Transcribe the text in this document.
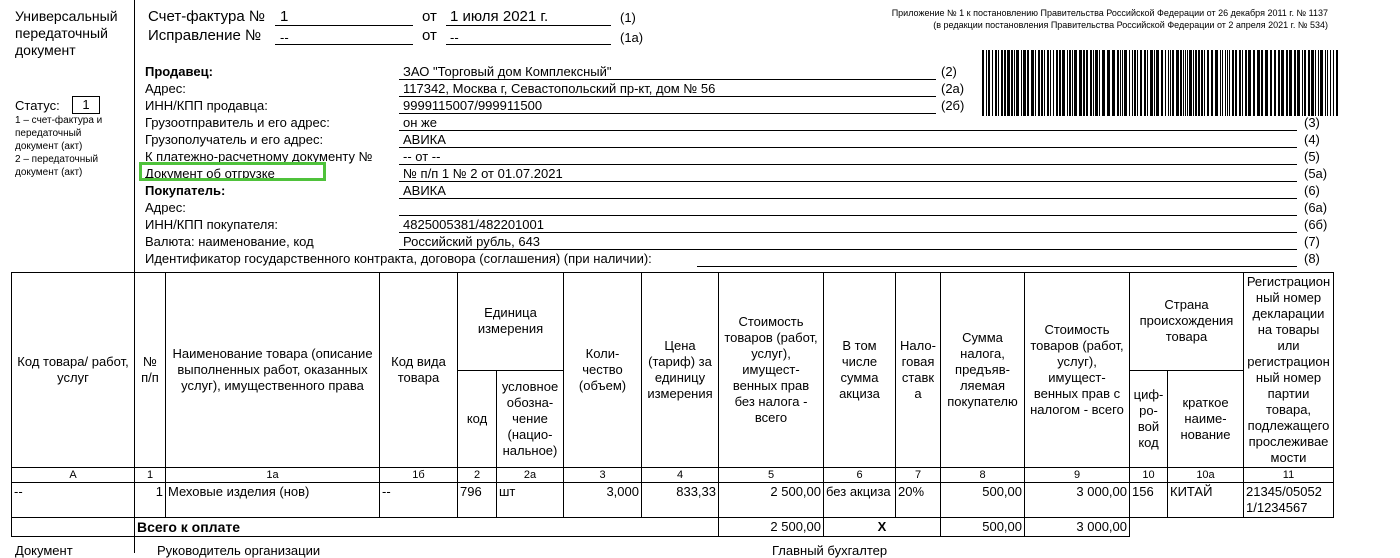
Универсальный
передаточный
документ
Статус:	1
1 – счет-фактура и
передаточный
документ (акт)
2 – передаточный
документ (акт)
Счет-фактура № 1	от 1 июля 2021 г.	(1)
Исправление № --	от --	(1а)
Приложение № 1 к постановлению Правительства Российской Федерации от 26 декабря 2011 г. № 1137
(в редакции постановления Правительства Российской Федерации от 2 апреля 2021 г. № 534)
Продавец:	ЗАО "Торговый дом Комплексный"	(2)
Адрес:	117342, Москва г, Севастопольский пр-кт, дом № 56	(2а)
ИНН/КПП продавца:	9999115007/999911500	(2б)
Грузоотправитель и его адрес:	он же	(3)
Грузополучатель и его адрес:	АВИКА	(4)
К платежно-расчетному документу № -- от --	(5)
Документ об отгрузке	№ п/п 1 № 2 от 01.07.2021	(5а)
Покупатель:	АВИКА	(6)
Адрес:	(6а)
ИНН/КПП покупателя:	4825005381/482201001	(6б)
Валюта: наименование, код	Российский рубль, 643	(7)
Идентификатор государственного контракта, договора (соглашения) (при наличии):	(8)
Код товара/ работ, услуг	№ п/п	Наименование товара (описание выполненных работ, оказанных услуг), имущественного права	Код вида товара	Единица измерения		Коли-чество (объем)	Цена (тариф) за единицу измерения	Стоимость товаров (работ, услуг), имущест-венных прав без налога - всего	В том числе сумма акциза	Нало-говая ставк а	Сумма налога, предъяв-ляемая покупателю	Стоимость товаров (работ, услуг), имущест-венных прав с налогом - всего	Страна происхождения товара		Регистрацион ный номер декларации на товары или регистрацион ный номер партии товара, подлежащего прослеживае мости
				код	условное обозна-чение (нацио-нальное)								циф-ро-вой код	краткое наиме-нование	
А	1	1а	1б	2	2а	3	4	5	6	7	8	9	10	10а	11
--	1	Меховые изделия (нов)	--	796	шт	3,000	833,33	2 500,00	без акциза	20%	500,00	3 000,00	156	КИТАЙ	21345/050521/1234567
	Всего к оплате							2 500,00	X		500,00	3 000,00			
Документ	Руководитель организации	Главный бухгалтер
